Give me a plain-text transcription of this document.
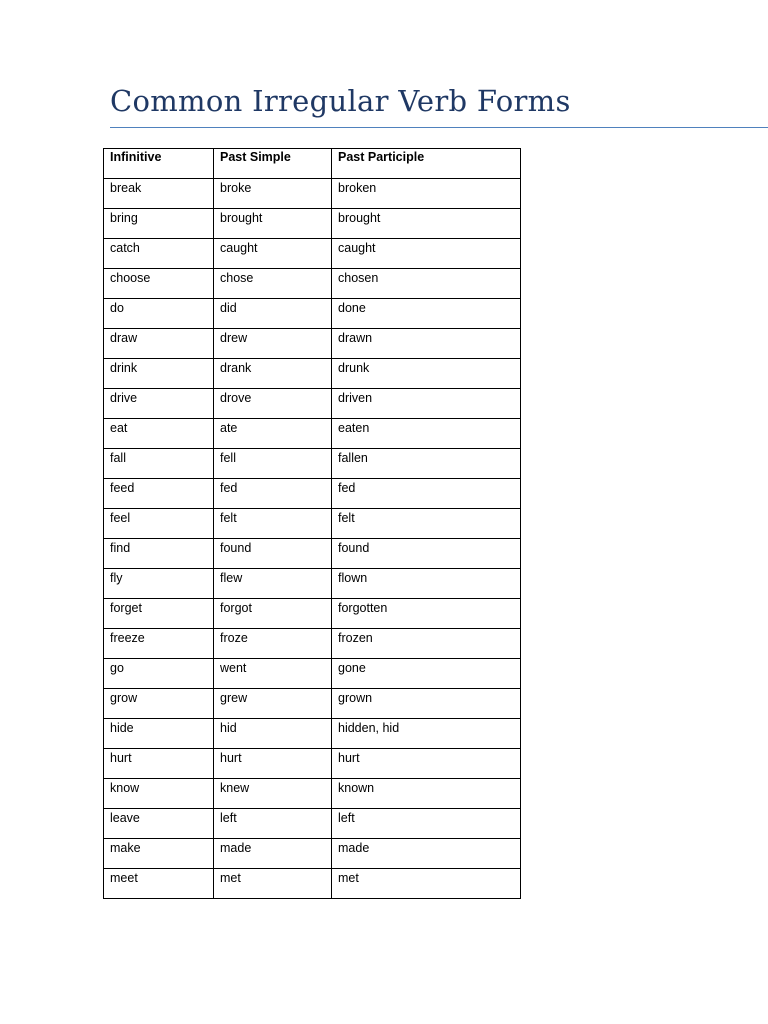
Common Irregular Verb Forms
Infinitive	Past Simple	Past Participle
break	broke	broken
bring	brought	brought
catch	caught	caught
choose	chose	chosen
do	did	done
draw	drew	drawn
drink	drank	drunk
drive	drove	driven
eat	ate	eaten
fall	fell	fallen
feed	fed	fed
feel	felt	felt
find	found	found
fly	flew	flown
forget	forgot	forgotten
freeze	froze	frozen
go	went	gone
grow	grew	grown
hide	hid	hidden, hid
hurt	hurt	hurt
know	knew	known
leave	left	left
make	made	made
meet	met	met
